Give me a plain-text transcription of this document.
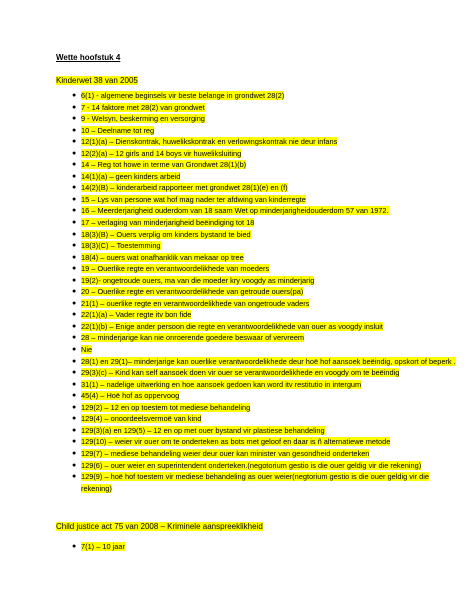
Wette hoofstuk 4
Kinderwet 38 van 2005
● 6(1) - algemene beginsels vir beste belange in grondwet 28(2)
● 7 - 14 faktore met 28(2) van grondwet
● 9 - Welsyn, beskerming en versorging
● 10 – Deelname tot reg
● 12(1)(a) – Dienskontrak, huwelikskontrak en verlowingskontrak nie deur infans
● 12(2)(a) – 12 girls and 14 boys vir huweliksluiting
● 14 – Reg tot howe in terme van Grondwet 28(1)(b)
● 14(1)(a) – geen kinders arbeid
● 14(2)(B) – kinderarbeid rapporteer met grondwet 28(1)(e) en (f)
● 15 – Lys van persone wat hof mag nader ter afdwing van kinderregte
● 16 – Meerderjarigheid ouderdom van 18 saam Wet op minderjarigheidouderdom 57 van 1972.
● 17 – verlaging van minderjarigheid beëindiging tot 18
● 18(3)(B) – Ouers verplig om kinders bystand te bied
● 18(3)(C) – Toestemming
● 18(4) – ouers wat onafhanklik van mekaar op tree
● 19 – Ouerlike regte en verantwoordelikhede van moeders
● 19(2)- ongetroude ouers, ma van die moeder kry voogdy as minderjarig
● 20 – Ouerlike regte en verantwoordelikhede van getroude ouers(pa)
● 21(1) – ouerlike regte en verantwoordelikhede van ongetroude vaders
● 22(1)(a) – Vader regte itv bon fide
● 22(1)(b) – Enige ander persoon die regte en verantwoordelikhede van ouer as voogdy insluit
● 28 – minderjarige kan nie onroerende goedere beswaar of vervreem
● Nie
● 28(1) en 29(1)– minderjarige kan ouerlike verantwoordelikhede deur hoë hof aansoek beëindig, opskort of beperk .
● 29(3)(c) – Kind kan self aansoek doen vir ouer se verantwoordelikhede en voogdy om te beëindig
● 31(1) – nadelige uitwerking en hoe aansoek gedoen kan word itv restitutio in intergum
● 45(4) – Hoë hof as oppervoog
● 129(2) – 12 en op toestem tot mediese behandeling
● 129(4) – onoordeelsvermoë van kind
● 129(3)(a) en 129(5) – 12 en op met ouer bystand vir plastiese behandeling
● 129(10) – weier vir ouer om te onderteken as bots met geloof en daar is ñ alternatiewe metode
● 129(7) – mediese behandeling weier deur ouer kan minister van gesondheid onderteken
● 129(6) – ouer weier en superintendent onderteken.(negotorium gestio is die ouer geldig vir die rekening)
● 129(9) – hoë hof toestem vir mediese behandeling as ouer weier(negtorium gestio is die ouer geldig vir die rekening)
Child justice act 75 van 2008 – Kriminele aanspreeklikheid
● 7(1) – 10 jaar
